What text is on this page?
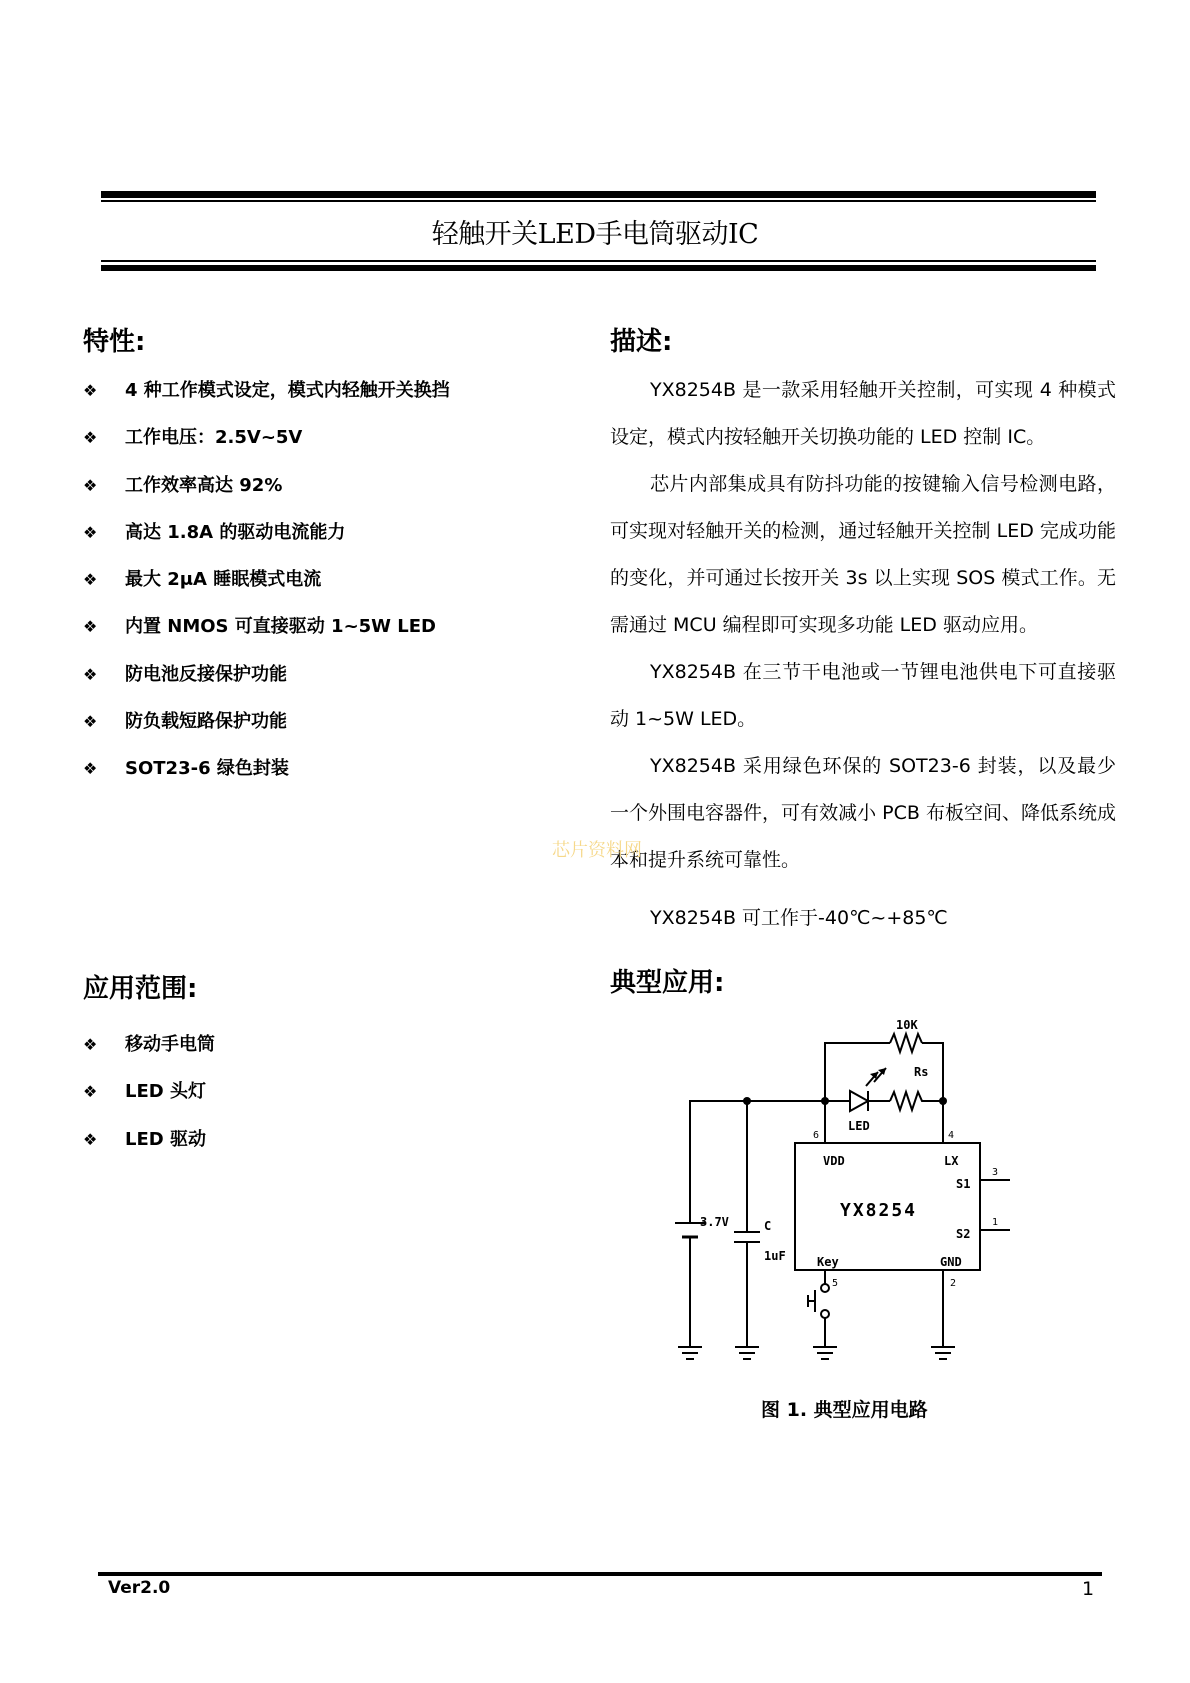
轻触开关LED手电筒驱动IC
特性:
❖ 4 种工作模式设定，模式内轻触开关换挡
❖ 工作电压：2.5V~5V
❖ 工作效率高达 92%
❖ 高达 1.8A 的驱动电流能力
❖ 最大 2μA 睡眠模式电流
❖ 内置 NMOS 可直接驱动 1~5W LED
❖ 防电池反接保护功能
❖ 防负载短路保护功能
❖ SOT23-6 绿色封装
描述:

YX8254B 是一款采用轻触开关控制，可实现 4 种模式设定，模式内按轻触开关切换功能的 LED 控制 IC。

芯片内部集成具有防抖功能的按键输入信号检测电路，可实现对轻触开关的检测，通过轻触开关控制 LED 完成功能的变化，并可通过长按开关 3s 以上实现 SOS 模式工作。无需通过 MCU 编程即可实现多功能 LED 驱动应用。

YX8254B 在三节干电池或一节锂电池供电下可直接驱动 1~5W LED。

YX8254B 采用绿色环保的 SOT23-6 封装，以及最少一个外围电容器件，可有效减小 PCB 布板空间、降低系统成本和提升系统可靠性。

芯片资料网
YX8254B 可工作于-40℃~+85℃
应用范围:
❖ 移动手电筒
❖ LED 头灯
❖ LED 驱动
典型应用:
10K
Rs
LED
VDD	LX
S1
S2
Key	GND
3.7V	C
1uF
YX8254
6	4
3
1
5	2
图 1. 典型应用电路
Ver2.0	1
